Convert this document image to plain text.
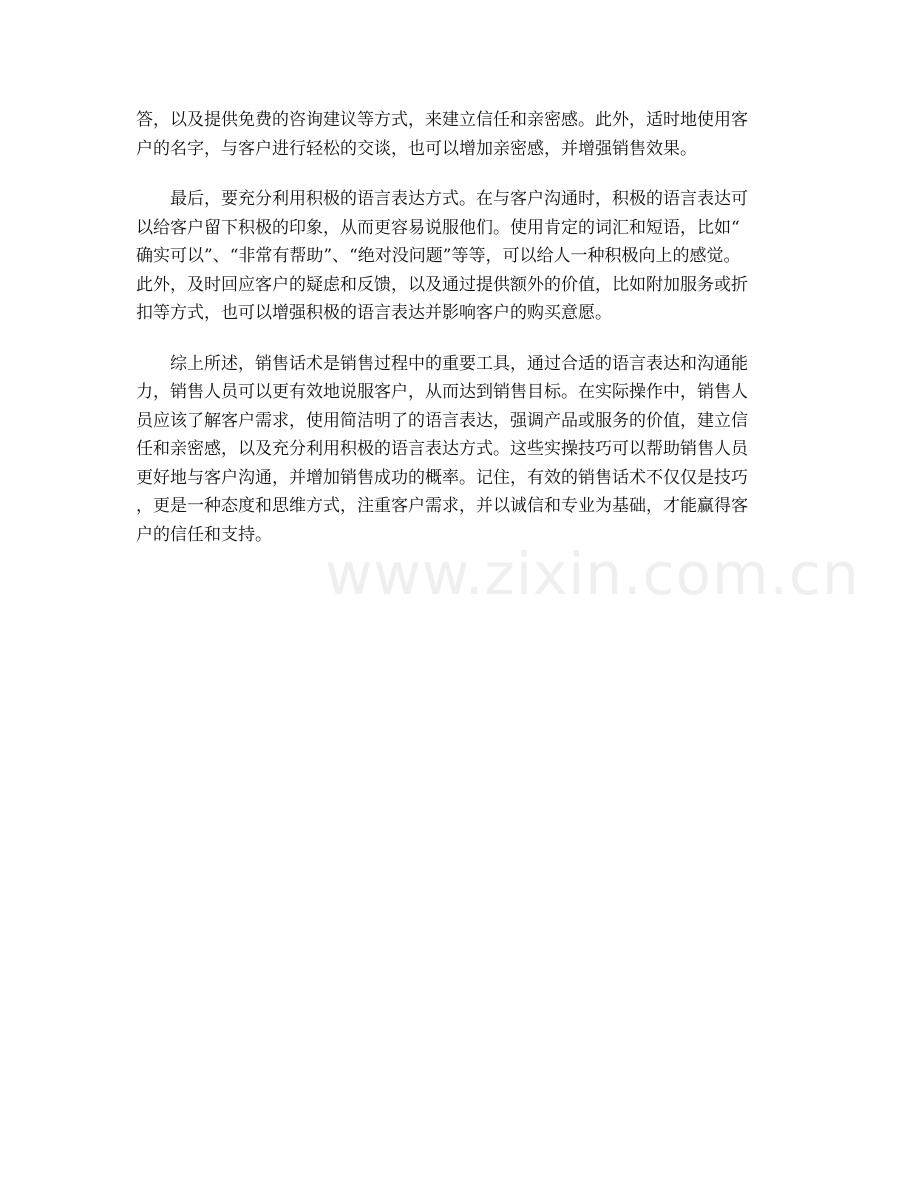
答，以及提供免费的咨询建议等方式，来建立信任和亲密感。此外，适时地使用客
户的名字，与客户进行轻松的交谈，也可以增加亲密感，并增强销售效果。

最后，要充分利用积极的语言表达方式。在与客户沟通时，积极的语言表达可
以给客户留下积极的印象，从而更容易说服他们。使用肯定的词汇和短语，比如“
确实可以”、“非常有帮助”、“绝对没问题”等等，可以给人一种积极向上的感觉。
此外，及时回应客户的疑虑和反馈，以及通过提供额外的价值，比如附加服务或折
扣等方式，也可以增强积极的语言表达并影响客户的购买意愿。

综上所述，销售话术是销售过程中的重要工具，通过合适的语言表达和沟通能
力，销售人员可以更有效地说服客户，从而达到销售目标。在实际操作中，销售人
员应该了解客户需求，使用简洁明了的语言表达，强调产品或服务的价值，建立信
任和亲密感，以及充分利用积极的语言表达方式。这些实操技巧可以帮助销售人员
更好地与客户沟通，并增加销售成功的概率。记住，有效的销售话术不仅仅是技巧
，更是一种态度和思维方式，注重客户需求，并以诚信和专业为基础，才能赢得客
户的信任和支持。

www.zixin.com.cn
